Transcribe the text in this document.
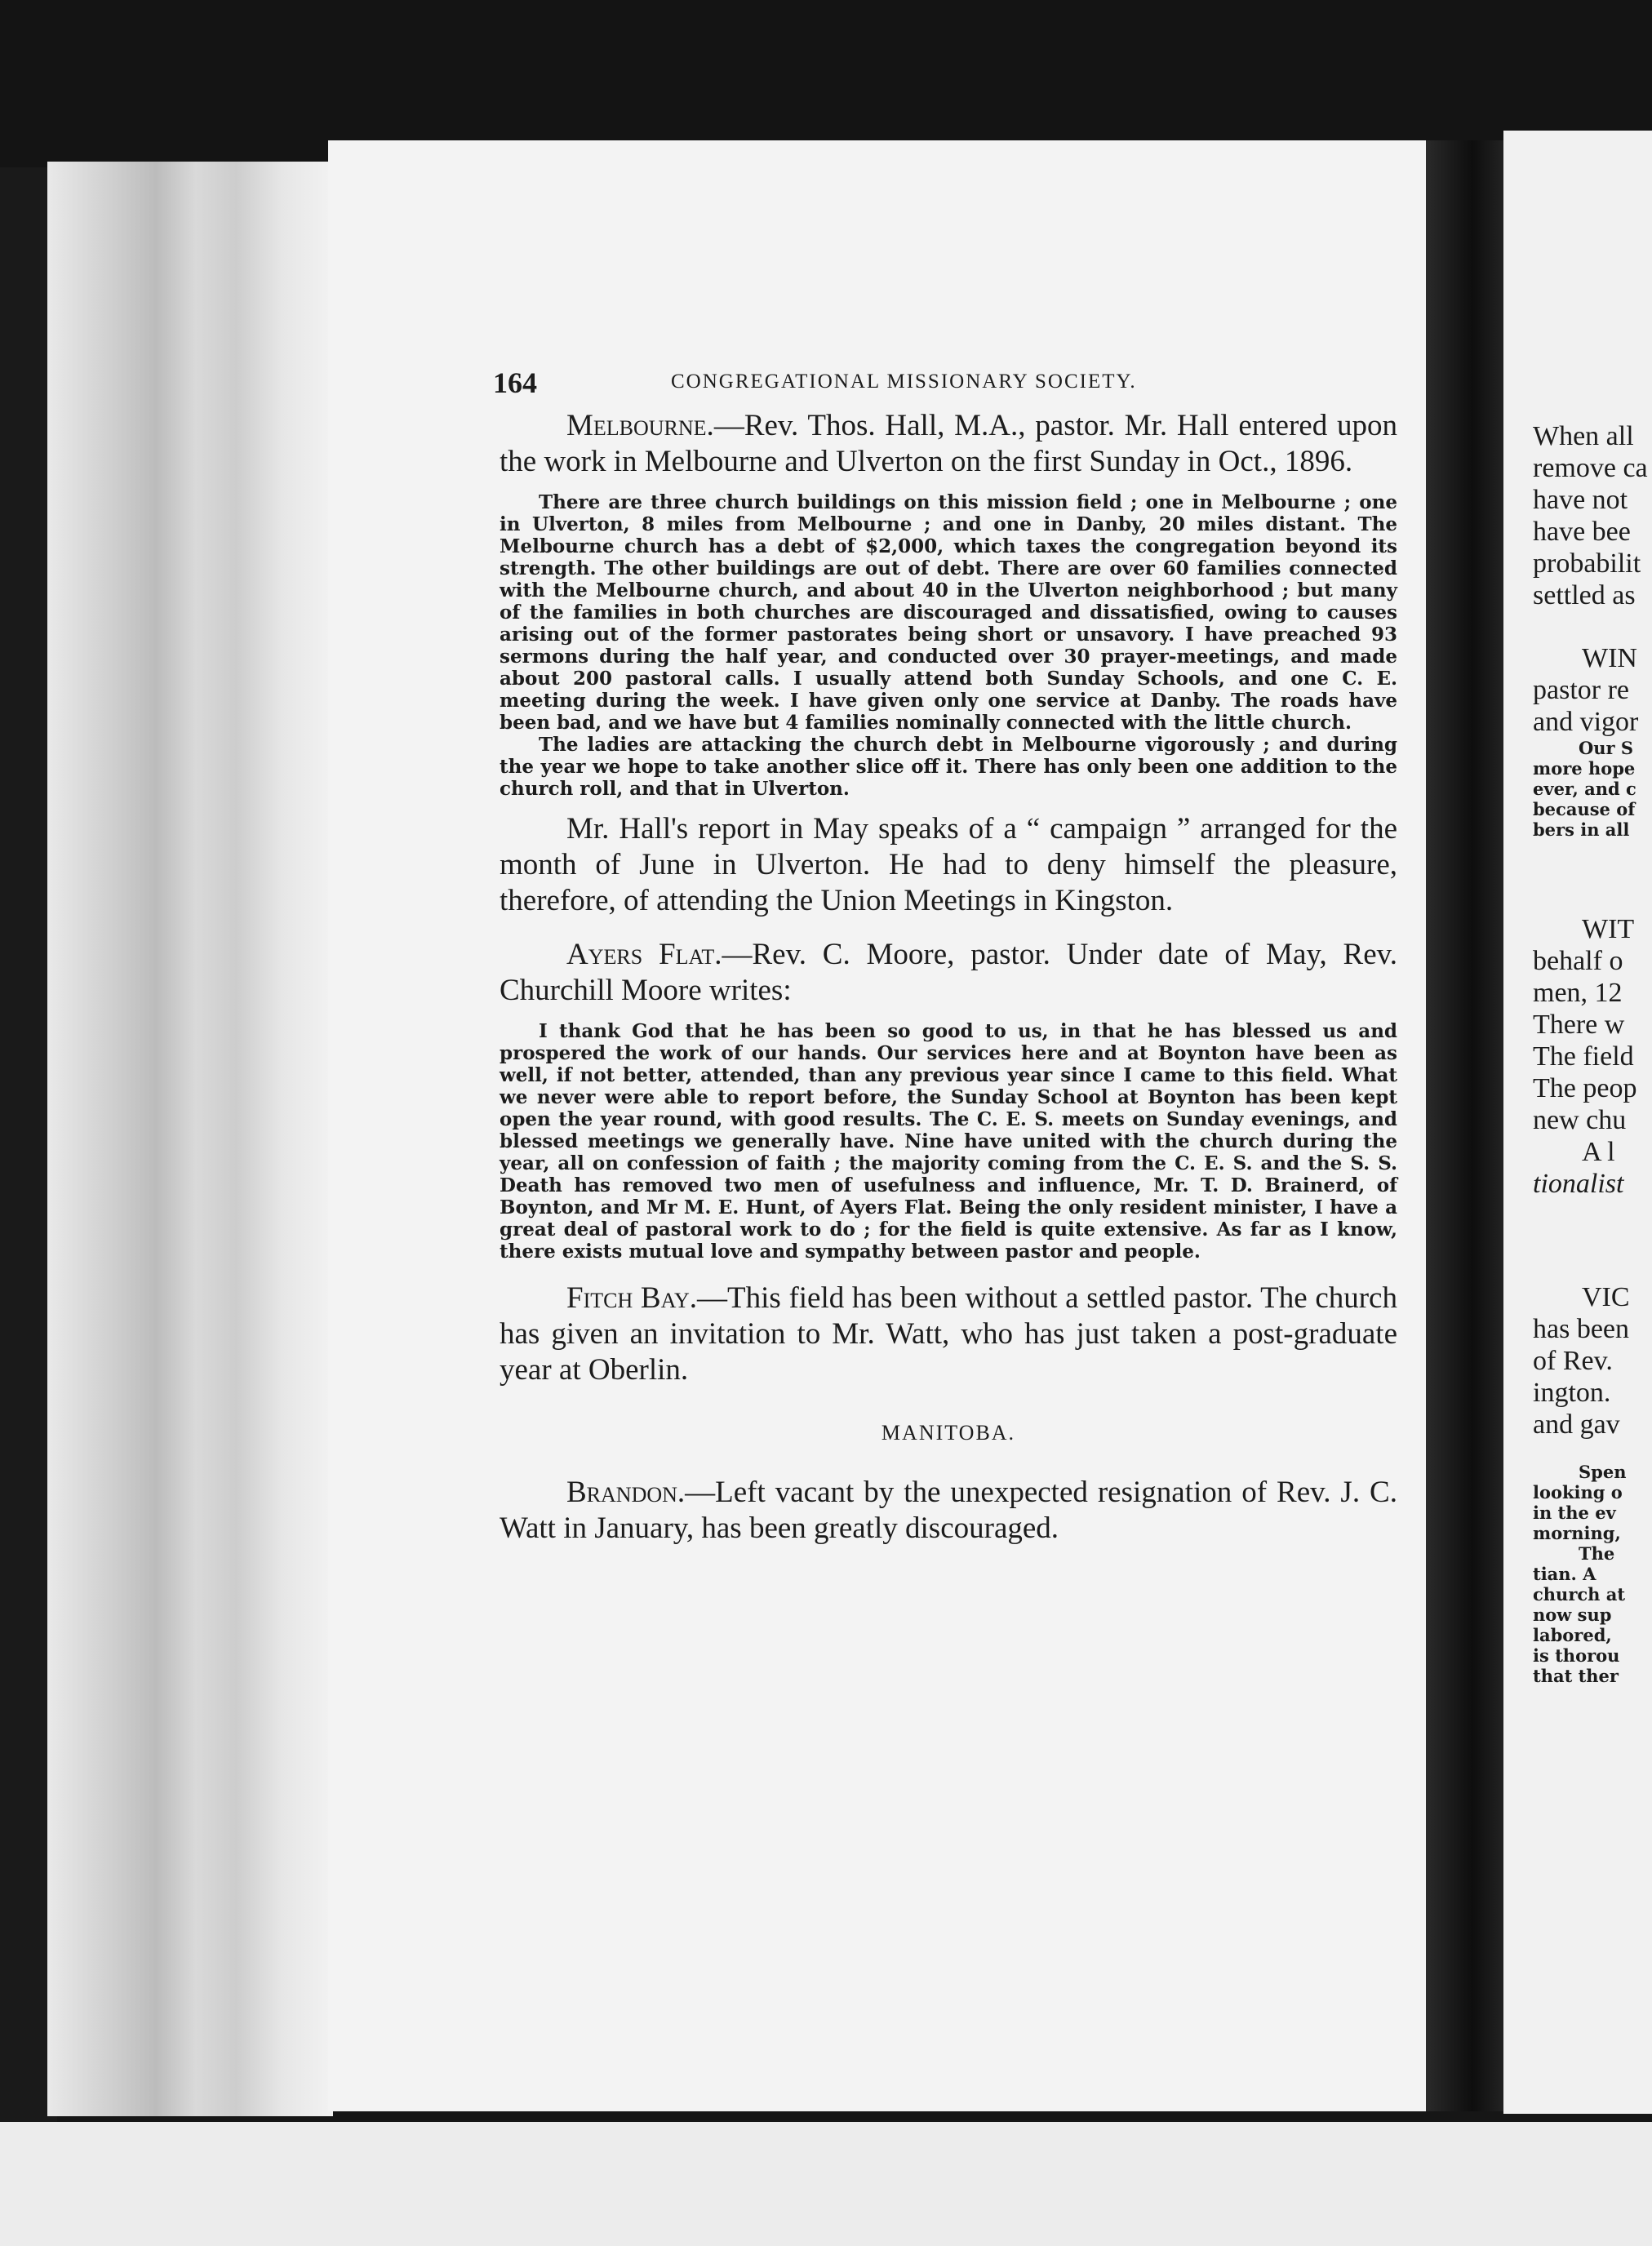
164	CONGREGATIONAL MISSIONARY SOCIETY.

Melbourne.—Rev. Thos. Hall, M.A., pastor. Mr. Hall entered upon the work in Melbourne and Ulverton on the first Sunday in Oct., 1896.

There are three church buildings on this mission field ; one in Melbourne ; one in Ulverton, 8 miles from Melbourne ; and one in Danby, 20 miles distant. The Melbourne church has a debt of $2,000, which taxes the congregation beyond its strength. The other buildings are out of debt. There are over 60 families connected with the Melbourne church, and about 40 in the Ulverton neighborhood ; but many of the families in both churches are discouraged and dissatisfied, owing to causes arising out of the former pastorates being short or unsavory. I have preached 93 sermons during the half year, and conducted over 30 prayer-meetings, and made about 200 pastoral calls. I usually attend both Sunday Schools, and one C. E. meeting during the week. I have given only one service at Danby. The roads have been bad, and we have but 4 families nominally connected with the little church.

The ladies are attacking the church debt in Melbourne vigorously ; and during the year we hope to take another slice off it. There has only been one addition to the church roll, and that in Ulverton.

Mr. Hall's report in May speaks of a “ campaign ” arranged for the month of June in Ulverton. He had to deny himself the pleasure, therefore, of attending the Union Meetings in Kingston.

Ayers Flat.—Rev. C. Moore, pastor. Under date of May, Rev. Churchill Moore writes:

I thank God that he has been so good to us, in that he has blessed us and prospered the work of our hands. Our services here and at Boynton have been as well, if not better, attended, than any previous year since I came to this field. What we never were able to report before, the Sunday School at Boynton has been kept open the year round, with good results. The C. E. S. meets on Sunday evenings, and blessed meetings we generally have. Nine have united with the church during the year, all on confession of faith ; the majority coming from the C. E. S. and the S. S. Death has removed two men of usefulness and influence, Mr. T. D. Brainerd, of Boynton, and Mr M. E. Hunt, of Ayers Flat. Being the only resident minister, I have a great deal of pastoral work to do ; for the field is quite extensive. As far as I know, there exists mutual love and sympathy between pastor and people.

Fitch Bay.—This field has been without a settled pastor. The church has given an invitation to Mr. Watt, who has just taken a post-graduate year at Oberlin.

MANITOBA.

Brandon.—Left vacant by the unexpected resignation of Rev. J. C. Watt in January, has been greatly discouraged.

When all
remove ca
have not
have bee
probabilit
settled as
WIN
pastor re
and vigor
Our S
more hope
ever, and c
because of
bers in all
WIT
behalf o
men, 12
There w
The field
The peop
new chu
A l
tionalist
VIC
has been
of Rev.
ington.
and gav
Spen
looking o
in the ev
morning,
The
tian. A
church at
now sup
labored,
is thorou
that ther
